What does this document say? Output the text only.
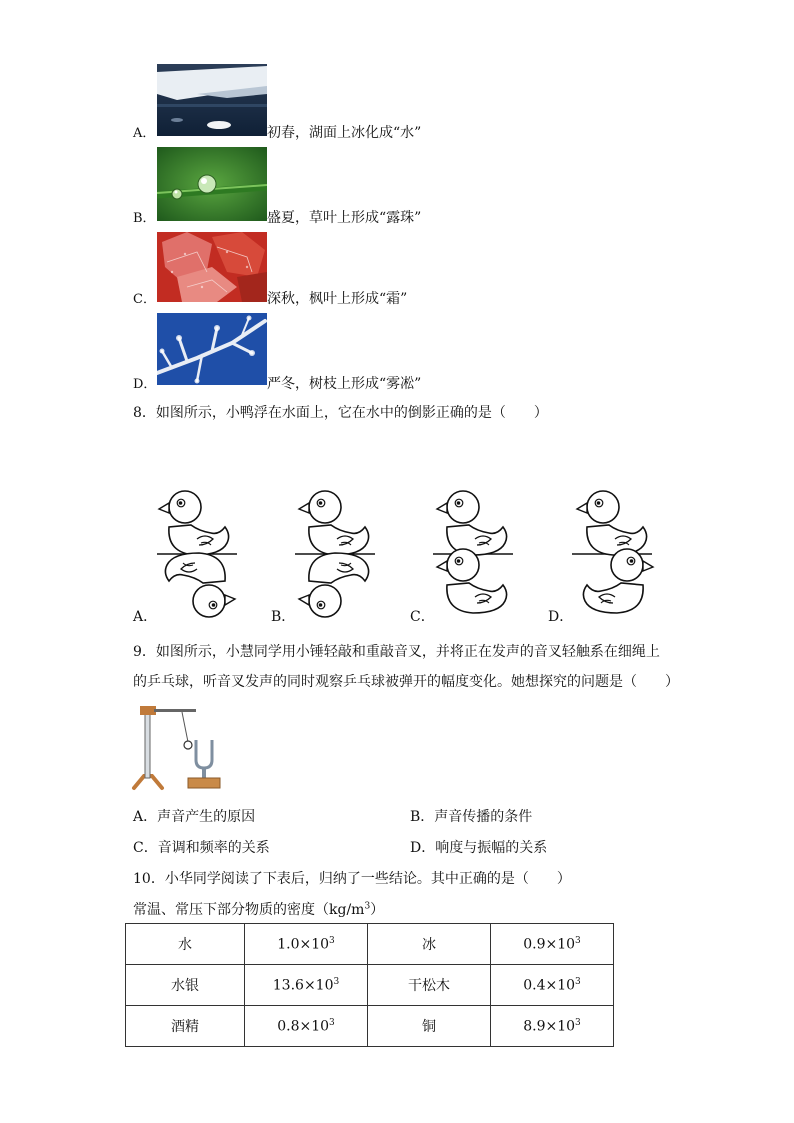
A．	初春，湖面上冰化成“水”
B．	盛夏，草叶上形成“露珠”
C．	深秋，枫叶上形成“霜”
D．	严冬，树枝上形成“雾凇”
8．如图所示，小鸭浮在水面上，它在水中的倒影正确的是（　　）
A．	B．	C．	D．
9．如图所示，小慧同学用小锤轻敲和重敲音叉，并将正在发声的音叉轻触系在细绳上
的乒乓球，听音叉发声的同时观察乒乓球被弹开的幅度变化。她想探究的问题是（　　）
A．声音产生的原因	B．声音传播的条件
C．音调和频率的关系	D．响度与振幅的关系
10．小华同学阅读了下表后，归纳了一些结论。其中正确的是（　　）
常温、常压下部分物质的密度$(kg/m^3)$
水	$1.0\times 10^3$	冰	$0.9\times 10^3$
水银	$13.6\times 10^3$	干松木	$0.4\times 10^3$
酒精	$0.8\times 10^3$	铜	$8.9\times 10^3$
